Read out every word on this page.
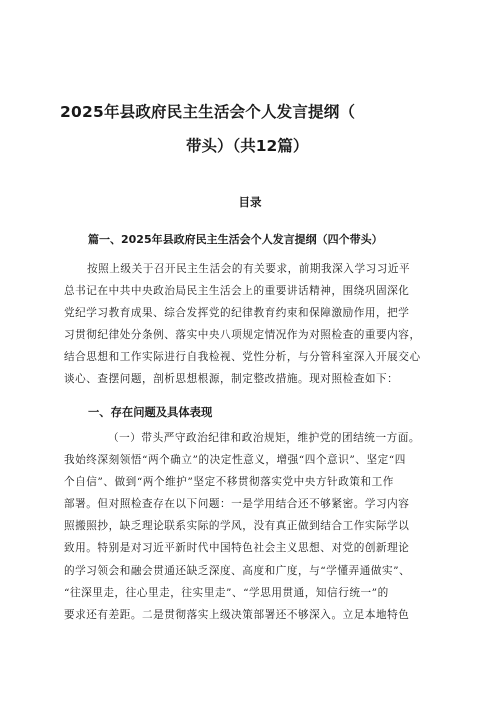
2025年县政府民主生活会个人发言提纲（
带头）（共12篇）
目录
篇一、2025年县政府民主生活会个人发言提纲（四个带头）
按照上级关于召开民主生活会的有关要求，前期我深入学习习近平
总书记在中共中央政治局民主生活会上的重要讲话精神，围绕巩固深化
党纪学习教育成果、综合发挥党的纪律教育约束和保障激励作用，把学
习贯彻纪律处分条例、落实中央八项规定情况作为对照检查的重要内容，
结合思想和工作实际进行自我检视、党性分析，与分管科室深入开展交心
谈心、查摆问题，剖析思想根源，制定整改措施。现对照检查如下：
一、存在问题及具体表现
（一）带头严守政治纪律和政治规矩，维护党的团结统一方面。
我始终深刻领悟“两个确立”的决定性意义，增强“四个意识”、坚定“四
个自信”、做到“两个维护”坚定不移贯彻落实党中央方针政策和工作
部署。但对照检查存在以下问题：一是学用结合还不够紧密。学习内容
照搬照抄，缺乏理论联系实际的学风，没有真正做到结合工作实际学以
致用。特别是对习近平新时代中国特色社会主义思想、对党的创新理论
的学习领会和融会贯通还缺乏深度、高度和广度，与“学懂弄通做实”、
“往深里走，往心里走，往实里走”、“学思用贯通，知信行统一”的
要求还有差距。二是贯彻落实上级决策部署还不够深入。立足本地特色
